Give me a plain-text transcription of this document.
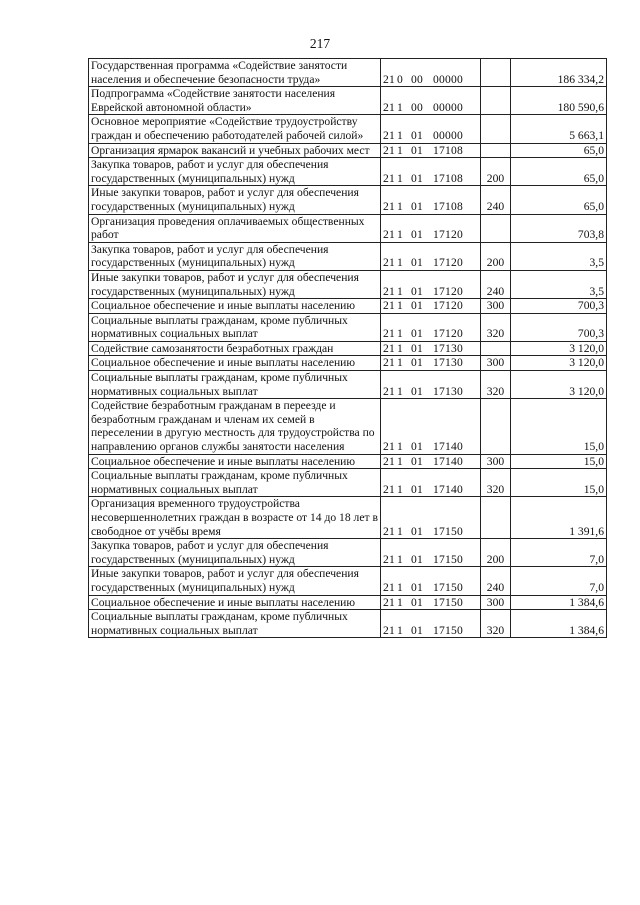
217
Государственная программа «Содействие занятости населения и обеспечение безопасности труда»	21 0 00 00000		186 334,2
Подпрограмма «Содействие занятости населения Еврейской автономной области»	21 1 00 00000		180 590,6
Основное мероприятие «Содействие трудоустройству граждан и обеспечению работодателей рабочей силой»	21 1 01 00000		5 663,1
Организация ярмарок вакансий и учебных рабочих мест	21 1 01 17108		65,0
Закупка товаров, работ и услуг для обеспечения государственных (муниципальных) нужд	21 1 01 17108	200	65,0
Иные закупки товаров, работ и услуг для обеспечения государственных (муниципальных) нужд	21 1 01 17108	240	65,0
Организация проведения оплачиваемых общественных работ	21 1 01 17120		703,8
Закупка товаров, работ и услуг для обеспечения государственных (муниципальных) нужд	21 1 01 17120	200	3,5
Иные закупки товаров, работ и услуг для обеспечения государственных (муниципальных) нужд	21 1 01 17120	240	3,5
Социальное обеспечение и иные выплаты населению	21 1 01 17120	300	700,3
Социальные выплаты гражданам, кроме публичных нормативных социальных выплат	21 1 01 17120	320	700,3
Содействие самозанятости безработных граждан	21 1 01 17130		3 120,0
Социальное обеспечение и иные выплаты населению	21 1 01 17130	300	3 120,0
Социальные выплаты гражданам, кроме публичных нормативных социальных выплат	21 1 01 17130	320	3 120,0
Содействие безработным гражданам в переезде и безработным гражданам и членам их семей в переселении в другую местность для трудоустройства по направлению органов службы занятости населения	21 1 01 17140		15,0
Социальное обеспечение и иные выплаты населению	21 1 01 17140	300	15,0
Социальные выплаты гражданам, кроме публичных нормативных социальных выплат	21 1 01 17140	320	15,0
Организация временного трудоустройства несовершеннолетних граждан в возрасте от 14 до 18 лет в свободное от учёбы время	21 1 01 17150		1 391,6
Закупка товаров, работ и услуг для обеспечения государственных (муниципальных) нужд	21 1 01 17150	200	7,0
Иные закупки товаров, работ и услуг для обеспечения государственных (муниципальных) нужд	21 1 01 17150	240	7,0
Социальное обеспечение и иные выплаты населению	21 1 01 17150	300	1 384,6
Социальные выплаты гражданам, кроме публичных нормативных социальных выплат	21 1 01 17150	320	1 384,6
